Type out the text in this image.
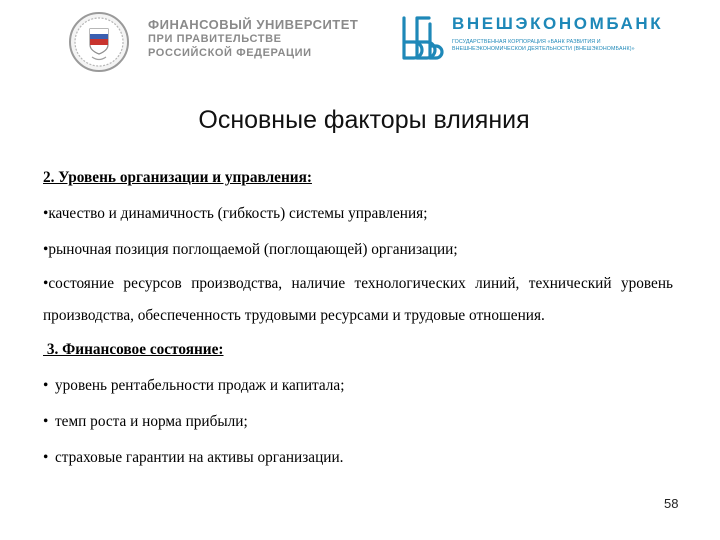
ФИНАНСОВЫЙ УНИВЕРСИТЕТ
ПРИ ПРАВИТЕЛЬСТВЕ
РОССИЙСКОЙ ФЕДЕРАЦИИ
ВНЕШЭКОНОМБАНК
ГОСУДАРСТВЕННАЯ КОРПОРАЦИЯ «БАНК РАЗВИТИЯ И
ВНЕШНЕЭКОНОМИЧЕСКОЙ ДЕЯТЕЛЬНОСТИ (ВНЕШЭКОНОМБАНК)»
Основные факторы влияния

2. Уровень организации и управления:

•качество и динамичность (гибкость) системы управления;

•рыночная позиция поглощаемой (поглощающей) организации;

•состояние ресурсов производства, наличие технологических линий, технический уровень производства, обеспеченность трудовыми ресурсами и трудовые отношения.

3. Финансовое состояние:

• уровень рентабельности продаж и капитала;

• темп роста и норма прибыли;

• страховые гарантии на активы организации.

58
